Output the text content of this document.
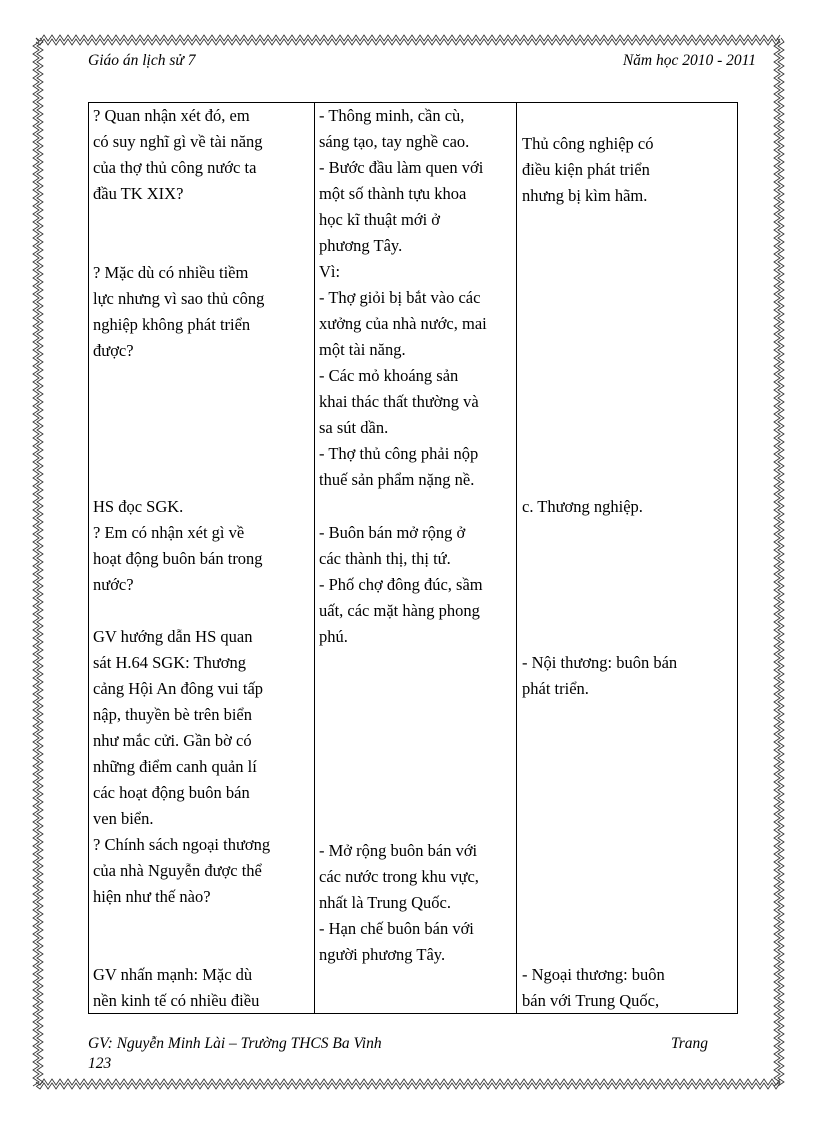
Giáo án lịch sử 7	Năm học 2010 - 2011
? Quan nhận xét đó, em
có suy nghĩ gì về tài năng
của thợ thủ công nước ta
đầu TK XIX?
? Mặc dù có nhiều tiềm
lực nhưng vì sao thủ công
nghiệp không phát triển
được?
HS đọc SGK.
? Em có nhận xét gì về
hoạt động buôn bán trong
nước?
GV hướng dẫn HS quan
sát H.64 SGK: Thương
cảng Hội An đông vui tấp
nập, thuyền bè trên biển
như mắc cửi. Gần bờ có
những điểm canh quản lí
các hoạt động buôn bán
ven biển.
? Chính sách ngoại thương
của nhà Nguyễn được thể
hiện như thế nào?
GV nhấn mạnh: Mặc dù
nền kinh tế có nhiều điều
- Thông minh, cần cù,
sáng tạo, tay nghề cao.
- Bước đầu làm quen với
một số thành tựu khoa
học kĩ thuật mới ở
phương Tây.
Vì:
- Thợ giỏi bị bắt vào các
xưởng của nhà nước, mai
một tài năng.
- Các mỏ khoáng sản
khai thác thất thường và
sa sút dần.
- Thợ thủ công phải nộp
thuế sản phẩm nặng nề.
- Buôn bán mở rộng ở
các thành thị, thị tứ.
- Phố chợ đông đúc, sầm
uất, các mặt hàng phong
phú.
- Mở rộng buôn bán với
các nước trong khu vực,
nhất là Trung Quốc.
- Hạn chế buôn bán với
người phương Tây.
Thủ công nghiệp có
điều kiện phát triển
nhưng bị kìm hãm.
c. Thương nghiệp.
- Nội thương: buôn bán
phát triển.
- Ngoại thương: buôn
bán với Trung Quốc,
GV: Nguyễn Minh Lài – Trường THCS Ba Vinh	Trang
123
